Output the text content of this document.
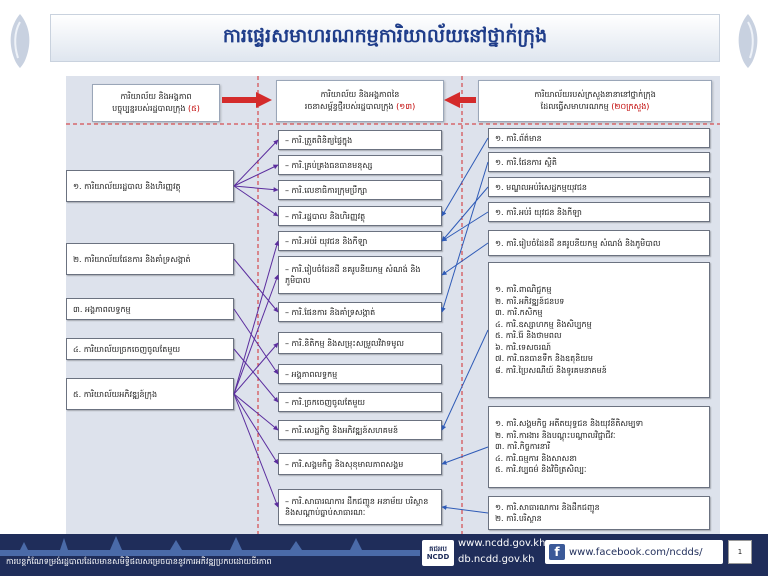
ការផ្ទេរសមាហរណកម្មការិយាល័យនៅថ្នាក់ក្រុង
ការិយាល័យ និងអង្គភាព
បច្ចុប្បន្នរបស់រដ្ឋបាលក្រុង (៥)
ការិយាល័យ និងអង្គភាពនៃ
រចនាសម្ព័ន្ធថ្មីរបស់រដ្ឋបាលក្រុង (១៣)
ការិយាល័យរបស់ក្រសួងនានានៅថ្នាក់ក្រុង
ដែលធ្វើសមាហរណកម្ម (២០ក្រសួង)
១. ការិយាល័យរដ្ឋបាល និងហិរញ្ញវត្ថុ
២. ការិយាល័យផែនការ និងគាំទ្រសង្កាត់
៣. អង្គភាពលទ្ធកម្ម
៤. ការិយាល័យច្រកចេញចូលតែមួយ
៥. ការិយាល័យអភិវឌ្ឍន៍ក្រុង
– ការិ.ត្រួតពិនិត្យផ្ទៃក្នុង
– ការិ.គ្រប់គ្រងធនធានមនុស្ស
– ការិ.លេខាធិការក្រុមប្រឹក្សា
– ការិ.រដ្ឋបាល និងហិរញ្ញវត្ថុ
– ការិ.អប់រំ យុវជន និងកីឡា
– ការិ.រៀបចំដែនដី នគរូបនីយកម្ម សំណង់ និងភូមិបាល
– ការិ.ផែនការ និងគាំទ្រសង្កាត់
– ការិ.និតិកម្ម និងសម្រុះសម្រួលវិវាទមូល
– អង្គភាពលទ្ធកម្ម
– ការិ.ច្រកចេញចូលតែមួយ
– ការិ.សេដ្ឋកិច្ច និងអភិវឌ្ឍន៍សហគមន៍
– ការិ.សង្គមកិច្ច និងសុខុមាលភាពសង្គម
– ការិ.សាធារណការ ដឹកជញ្ជូន អនាម័យ បរិស្ថាន និងសណ្តាប់ធ្នាប់សាធារណៈ
១. ការិ.ព័ត៌មាន
១. ការិ.ផែនការ ស្ថិតិ
១. មណ្ឌលអប់រំសេដ្ឋកម្មយុវជន
១. ការិ.អប់រំ យុវជន និងកីឡា
១. ការិ.រៀបចំដែនដី នគរូបនីយកម្ម សំណង់ និងភូមិបាល
១. ការិ.ពាណិជ្ជកម្ម
២. ការិ.អភិវឌ្ឍន៍ជនបទ
៣. ការិ.កសិកម្ម
៤. ការិ.ឧស្សាហកម្ម និងសិប្បកម្ម
៥. ការិ.រ៉ែ និងថាមពល
៦. ការិ.ទេសចរណ៍
៧. ការិ.ធនធានទឹក និងឧតុនិយម
៨. ការិ.ប្រៃសណីយ៍ និងទូរគមនាគមន៍
១. ការិ.សង្គមកិច្ច អតីតយុទ្ធជន និងយុវនីតិសម្បទា
២. ការិ.ការងារ និងបណ្តុះបណ្តាលវិជ្ជាជីវៈ
៣. ការិ.កិច្ចការនារី
៤. ការិ.ធម្មការ និងសាសនា
៥. ការិ.វប្បធម៌ និងវិចិត្រសិល្បៈ
១. ការិ.សាធារណការ និងដឹកជញ្ជូន
២. ការិ.បរិស្ថាន
ការបន្តកំណែទម្រង់រដ្ឋបាលដែលមានសមិទ្ធិផលសម្រេចបាននូវការអភិវឌ្ឍប្រកបដោយចីរភាព
គជអប
NCDD
www.ncdd.gov.kh
db.ncdd.gov.kh
f www.facebook.com/ncdds/	1
